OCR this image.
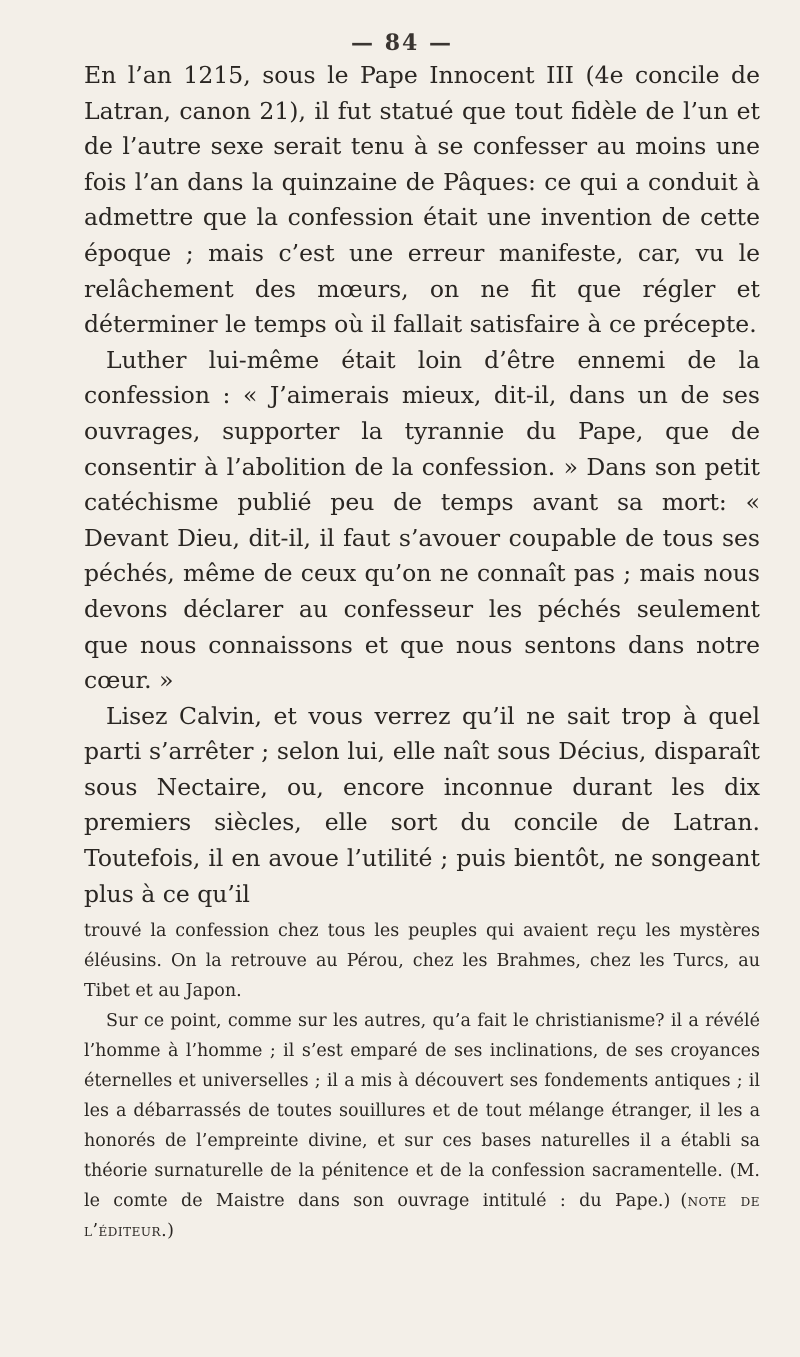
— 84 —

En l’an 1215, sous le Pape Innocent III (4e concile de Latran, canon 21), il fut statué que tout fidèle de l’un et de l’autre sexe serait tenu à se confesser au moins une fois l’an dans la quinzaine de Pâques: ce qui a conduit à admettre que la confession était une invention de cette époque ; mais c’est une erreur manifeste, car, vu le relâchement des mœurs, on ne fit que régler et déterminer le temps où il fallait satisfaire à ce précepte.

Luther lui-même était loin d’être ennemi de la confession : « J’aimerais mieux, dit-il, dans un de ses ouvrages, supporter la tyrannie du Pape, que de consentir à l’abolition de la confession. » Dans son petit catéchisme publié peu de temps avant sa mort: « Devant Dieu, dit-il, il faut s’avouer coupable de tous ses péchés, même de ceux qu’on ne connaît pas ; mais nous devons déclarer au confesseur les péchés seulement que nous connaissons et que nous sentons dans notre cœur. »

Lisez Calvin, et vous verrez qu’il ne sait trop à quel parti s’arrêter ; selon lui, elle naît sous Décius, disparaît sous Nectaire, ou, encore inconnue durant les dix premiers siècles, elle sort du concile de Latran. Toutefois, il en avoue l’utilité ; puis bientôt, ne songeant plus à ce qu’il

trouvé la confession chez tous les peuples qui avaient reçu les mystères éléusins. On la retrouve au Pérou, chez les Brahmes, chez les Turcs, au Tibet et au Japon.

Sur ce point, comme sur les autres, qu’a fait le christianisme? il a révélé l’homme à l’homme ; il s’est emparé de ses inclinations, de ses croyances éternelles et universelles ; il a mis à découvert ses fondements antiques ; il les a débarrassés de toutes souillures et de tout mélange étranger, il les a honorés de l’empreinte divine, et sur ces bases naturelles il a établi sa théorie surnaturelle de la pénitence et de la confession sacramentelle. (M. le comte de Maistre dans son ouvrage intitulé : du Pape.) (note de l’éditeur.)
